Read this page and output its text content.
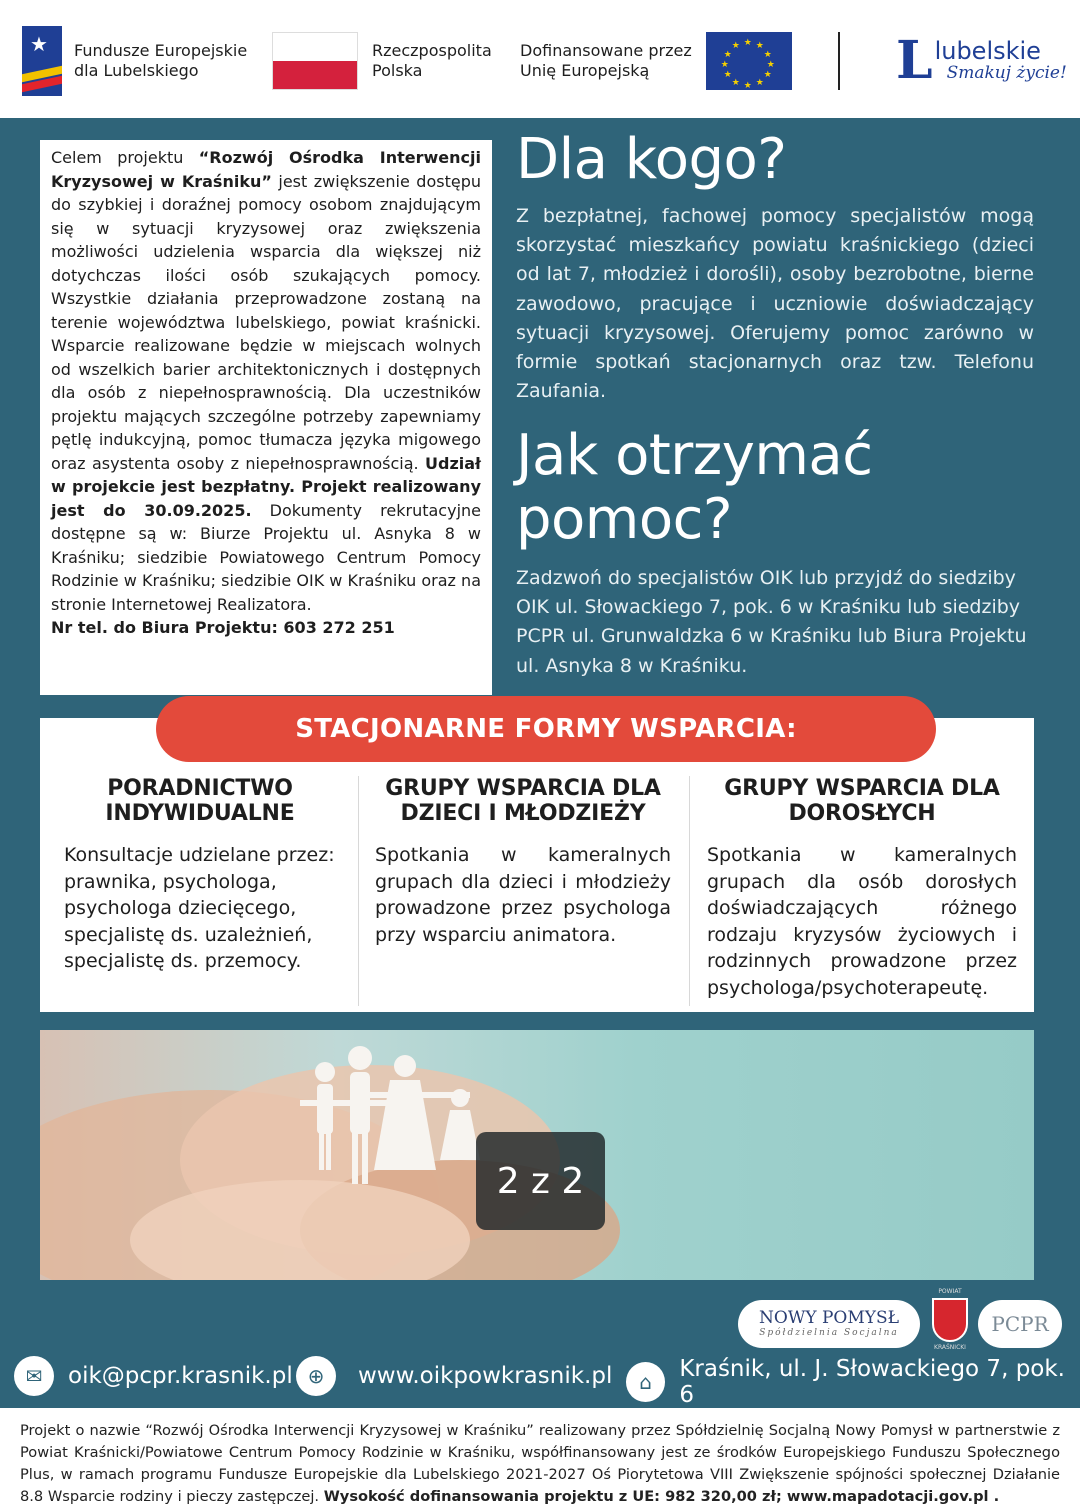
★ Fundusze Europejskie
dla Lubelskiego
Rzeczpospolita
Polska
Dofinansowane przez
Unię Europejską
★ ★
★
★
★
★
★
★
★
★
★
★	L lubelskie
Smakuj życie!

Celem projektu “Rozwój Ośrodka Interwencji Kryzysowej w Kraśniku” jest zwiększenie dostępu do szybkiej i doraźnej pomocy osobom znajdującym się w sytuacji kryzysowej oraz zwiększenia możliwości udzielenia wsparcia dla większej niż dotychczas ilości osób szukających pomocy. Wszystkie działania przeprowadzone zostaną na terenie województwa lubelskiego, powiat kraśnicki. Wsparcie realizowane będzie w miejscach wolnych od wszelkich barier architektonicznych i dostępnych dla osób z niepełnosprawnością. Dla uczestników projektu mających szczególne potrzeby zapewniamy pętlę indukcyjną, pomoc tłumacza języka migowego oraz asystenta osoby z niepełnosprawnością. Udział w projekcie jest bezpłatny. Projekt realizowany jest do 30.09.2025. Dokumenty rekrutacyjne dostępne są w: Biurze Projektu ul. Asnyka 8 w Kraśniku; siedzibie Powiatowego Centrum Pomocy Rodzinie w Kraśniku; siedzibie OIK w Kraśniku oraz na stronie Internetowej Realizatora.
Nr tel. do Biura Projektu: 603 272 251

Dla kogo?

Z bezpłatnej, fachowej pomocy specjalistów mogą skorzystać mieszkańcy powiatu kraśnickiego (dzieci od lat 7, młodzież i dorośli), osoby bezrobotne, bierne zawodowo, pracujące i uczniowie doświadczający sytuacji kryzysowej. Oferujemy pomoc zarówno w formie spotkań stacjonarnych oraz tzw. Telefonu Zaufania.

Jak otrzymać pomoc?

Zadzwoń do specjalistów OIK lub przyjdź do siedziby OIK ul. Słowackiego 7, pok. 6 w Kraśniku lub siedziby PCPR ul. Grunwaldzka 6 w Kraśniku lub Biura Projektu ul. Asnyka 8 w Kraśniku.

STACJONARNE FORMY WSPARCIA:
PORADNICTWO INDYWIDUALNE

Konsultacje udzielane przez: prawnika, psychologa, psychologa dziecięcego, specjalistę ds. uzależnień, specjalistę ds. przemocy.

GRUPY WSPARCIA DLA DZIECI I MŁODZIEŻY

Spotkania w kameralnych grupach dla dzieci i młodzieży prowadzone przez psychologa przy wsparciu animatora.

GRUPY WSPARCIA DLA DOROSŁYCH

Spotkania w kameralnych grupach dla osób dorosłych doświadczających różnego rodzaju kryzysów życiowych i rodzinnych prowadzone przez psychologa/psychoterapeutę.

2 z 2
NOWY POMYSŁ
Spółdzielnia Socjalna
POWIAT
KRAŚNICKI
PCPR
✉	oik@pcpr.krasnik.pl ⊕	www.oikpowkrasnik.pl	⌂	Kraśnik, ul. J. Słowackiego 7, pok. 6

Projekt o nazwie “Rozwój Ośrodka Interwencji Kryzysowej w Kraśniku” realizowany przez Spółdzielnię Socjalną Nowy Pomysł w partnerstwie z Powiat Kraśnicki/Powiatowe Centrum Pomocy Rodzinie w Kraśniku, współfinansowany jest ze środków Europejskiego Funduszu Społecznego Plus, w ramach programu Fundusze Europejskie dla Lubelskiego 2021-2027 Oś Piorytetowa VIII Zwiększenie spójności społecznej Działanie 8.8 Wsparcie rodziny i pieczy zastępczej. Wysokość dofinansowania projektu z UE: 982 320,00 zł; www.mapadotacji.gov.pl .
